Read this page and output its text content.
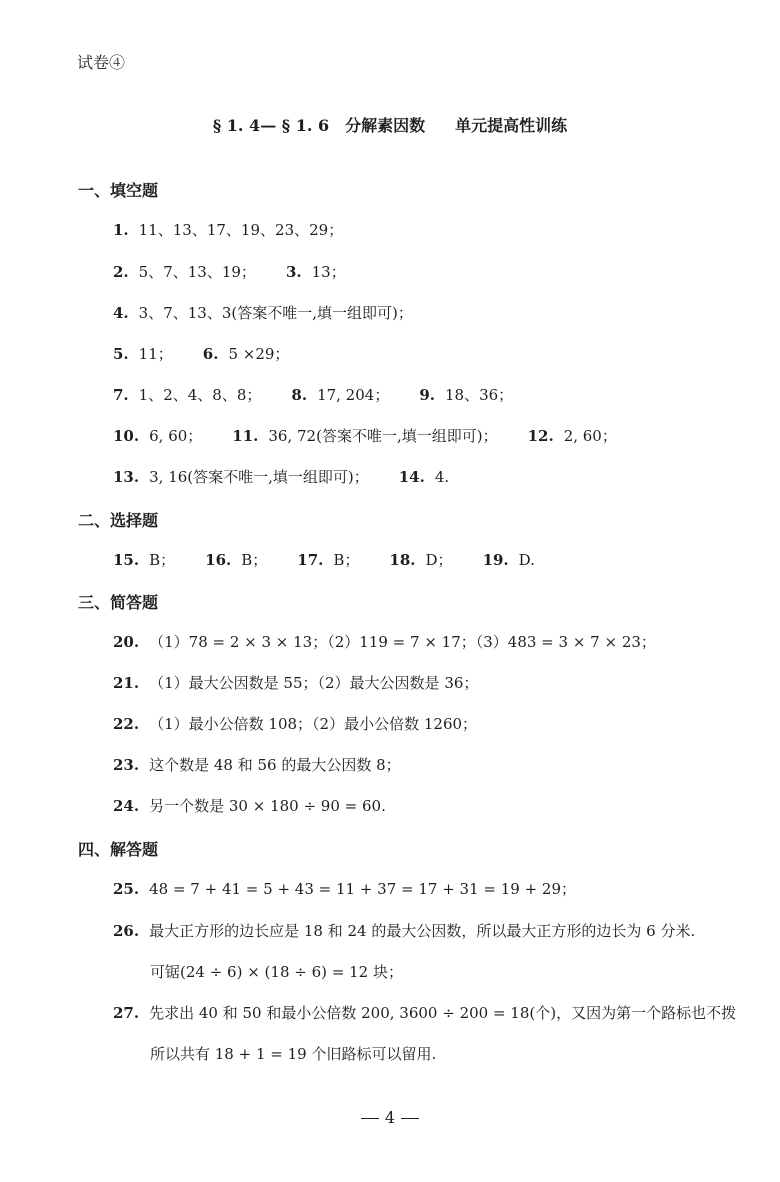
试卷④
§ 1. 4— § 1. 6 分解素因数 单元提高性训练
一、填空题
1. 11、13、17、19、23、29；
2. 5、7、13、19； 3. 13；
4. 3、7、13、3(答案不唯一,填一组即可)；
5. 11； 6. 5 ×29；
7. 1、2、4、8、8； 8. 17, 204； 9. 18、36；
10. 6, 60； 11. 36, 72(答案不唯一,填一组即可)； 12. 2, 60；
13. 3, 16(答案不唯一,填一组即可)； 14. 4.
二、选择题
15. B； 16. B； 17. B； 18. D； 19. D.
三、简答题
20. （1）78 = 2 × 3 × 13；（2）119 = 7 × 17；（3）483 = 3 × 7 × 23；
21. （1）最大公因数是 55；（2）最大公因数是 36；
22. （1）最小公倍数 108；（2）最小公倍数 1260；
23. 这个数是 48 和 56 的最大公因数 8；
24. 另一个数是 30 × 180 ÷ 90 = 60.
四、解答题
25. 48 = 7 + 41 = 5 + 43 = 11 + 37 = 17 + 31 = 19 + 29；
26. 最大正方形的边长应是 18 和 24 的最大公因数，所以最大正方形的边长为 6 分米.
可锯(24 ÷ 6) × (18 ÷ 6) = 12 块；
27. 先求出 40 和 50 和最小公倍数 200, 3600 ÷ 200 = 18(个)，又因为第一个路标也不拨
所以共有 18 + 1 = 19 个旧路标可以留用.
4
